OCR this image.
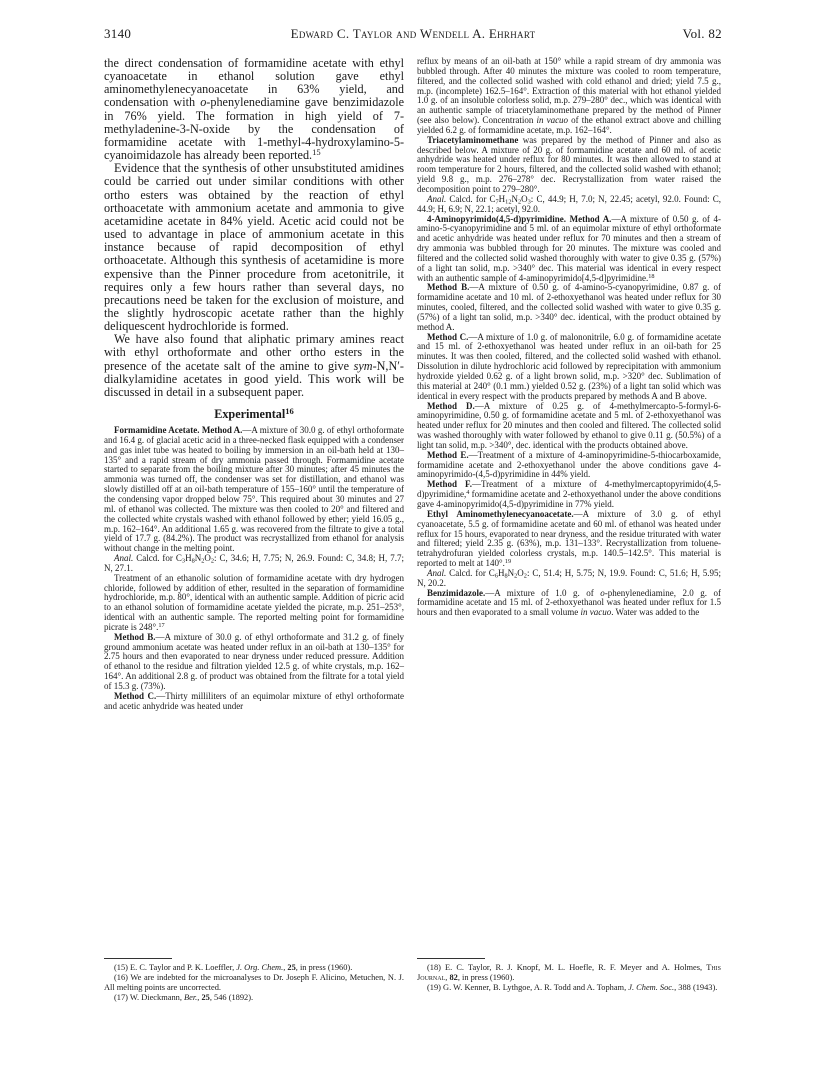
3140	Edward C. Taylor and Wendell A. Ehrhart	Vol. 82

the direct condensation of formamidine acetate with ethyl cyanoacetate in ethanol solution gave ethyl aminomethylenecyanoacetate in 63% yield, and condensation with o-phenylenediamine gave benzimidazole in 76% yield. The formation in high yield of 7-methyladenine-3-N-oxide by the condensation of formamidine acetate with 1-methyl-4-hydroxylamino-5-cyanoimidazole has already been reported.$^{15}$

Evidence that the synthesis of other unsubstituted amidines could be carried out under similar conditions with other ortho esters was obtained by the reaction of ethyl orthoacetate with ammonium acetate and ammonia to give acetamidine acetate in 84% yield. Acetic acid could not be used to advantage in place of ammonium acetate in this instance because of rapid decomposition of ethyl orthoacetate. Although this synthesis of acetamidine is more expensive than the Pinner procedure from acetonitrile, it requires only a few hours rather than several days, no precautions need be taken for the exclusion of moisture, and the slightly hydroscopic acetate rather than the highly deliquescent hydrochloride is formed.

We have also found that aliphatic primary amines react with ethyl orthoformate and other ortho esters in the presence of the acetate salt of the amine to give sym-N,N′-dialkylamidine acetates in good yield. This work will be discussed in detail in a subsequent paper.

Experimental$^{16}$

Formamidine Acetate. Method A.—A mixture of 30.0 g. of ethyl orthoformate and 16.4 g. of glacial acetic acid in a three-necked flask equipped with a condenser and gas inlet tube was heated to boiling by immersion in an oil-bath held at 130–135° and a rapid stream of dry ammonia passed through. Formamidine acetate started to separate from the boiling mixture after 30 minutes; after 45 minutes the ammonia was turned off, the condenser was set for distillation, and ethanol was slowly distilled off at an oil-bath temperature of 155–160° until the temperature of the condensing vapor dropped below 75°. This required about 30 minutes and 27 ml. of ethanol was collected. The mixture was then cooled to 20° and filtered and the collected white crystals washed with ethanol followed by ether; yield 16.05 g., m.p. 162–164°. An additional 1.65 g. was recovered from the filtrate to give a total yield of 17.7 g. (84.2%). The product was recrystallized from ethanol for analysis without change in the melting point.

Anal. Calcd. for $C_3H_8N_2O_2$: C, 34.6; H, 7.75; N, 26.9. Found: C, 34.8; H, 7.7; N, 27.1.

Treatment of an ethanolic solution of formamidine acetate with dry hydrogen chloride, followed by addition of ether, resulted in the separation of formamidine hydrochloride, m.p. 80°, identical with an authentic sample. Addition of picric acid to an ethanol solution of formamidine acetate yielded the picrate, m.p. 251–253°, identical with an authentic sample. The reported melting point for formamidine picrate is 248°.$^{17}$

Method B.—A mixture of 30.0 g. of ethyl orthoformate and 31.2 g. of finely ground ammonium acetate was heated under reflux in an oil-bath at 130–135° for 2.75 hours and then evaporated to near dryness under reduced pressure. Addition of ethanol to the residue and filtration yielded 12.5 g. of white crystals, m.p. 162–164°. An additional 2.8 g. of product was obtained from the filtrate for a total yield of 15.3 g. (73%).

Method C.—Thirty milliliters of an equimolar mixture of ethyl orthoformate and acetic anhydride was heated under

reflux by means of an oil-bath at 150° while a rapid stream of dry ammonia was bubbled through. After 40 minutes the mixture was cooled to room temperature, filtered, and the collected solid washed with cold ethanol and dried; yield 7.5 g., m.p. (incomplete) 162.5–164°. Extraction of this material with hot ethanol yielded 1.0 g. of an insoluble colorless solid, m.p. 279–280° dec., which was identical with an authentic sample of triacetylaminomethane prepared by the method of Pinner (see also below). Concentration in vacuo of the ethanol extract above and chilling yielded 6.2 g. of formamidine acetate, m.p. 162–164°.

Triacetylaminomethane was prepared by the method of Pinner and also as described below. A mixture of 20 g. of formamidine acetate and 60 ml. of acetic anhydride was heated under reflux for 80 minutes. It was then allowed to stand at room temperature for 2 hours, filtered, and the collected solid washed with ethanol; yield 9.8 g., m.p. 276–278° dec. Recrystallization from water raised the decomposition point to 279–280°.

Anal. Calcd. for $C_7H_{12}N_2O_3$: C, 44.9; H, 7.0; N, 22.45; acetyl, 92.0. Found: C, 44.9; H, 6.9; N, 22.1; acetyl, 92.0.

4-Aminopyrimido(4,5-d)pyrimidine. Method A.—A mixture of 0.50 g. of 4-amino-5-cyanopyrimidine and 5 ml. of an equimolar mixture of ethyl orthoformate and acetic anhydride was heated under reflux for 70 minutes and then a stream of dry ammonia was bubbled through for 20 minutes. The mixture was cooled and filtered and the collected solid washed thoroughly with water to give 0.35 g. (57%) of a light tan solid, m.p. >340° dec. This material was identical in every respect with an authentic sample of 4-aminopyrimido[4,5-d]pyrimidine.$^{18}$

Method B.—A mixture of 0.50 g. of 4-amino-5-cyanopyrimidine, 0.87 g. of formamidine acetate and 10 ml. of 2-ethoxyethanol was heated under reflux for 30 minutes, cooled, filtered, and the collected solid washed with water to give 0.35 g. (57%) of a light tan solid, m.p. >340° dec. identical, with the product obtained by method A.

Method C.—A mixture of 1.0 g. of malononitrile, 6.0 g. of formamidine acetate and 15 ml. of 2-ethoxyethanol was heated under reflux in an oil-bath for 25 minutes. It was then cooled, filtered, and the collected solid washed with ethanol. Dissolution in dilute hydrochloric acid followed by reprecipitation with ammonium hydroxide yielded 0.62 g. of a light brown solid, m.p. >320° dec. Sublimation of this material at 240° (0.1 mm.) yielded 0.52 g. (23%) of a light tan solid which was identical in every respect with the products prepared by methods A and B above.

Method D.—A mixture of 0.25 g. of 4-methylmercapto-5-formyl-6-aminopyrimidine, 0.50 g. of formamidine acetate and 5 ml. of 2-ethoxyethanol was heated under reflux for 20 minutes and then cooled and filtered. The collected solid was washed thoroughly with water followed by ethanol to give 0.11 g. (50.5%) of a light tan solid, m.p. >340°, dec. identical with the products obtained above.

Method E.—Treatment of a mixture of 4-aminopyrimidine-5-thiocarboxamide, formamidine acetate and 2-ethoxyethanol under the above conditions gave 4-aminopyrimido-(4,5-d)pyrimidine in 44% yield.

Method F.—Treatment of a mixture of 4-methylmercaptopyrimido(4,5-d)pyrimidine,$^4$ formamidine acetate and 2-ethoxyethanol under the above conditions gave 4-aminopyrimido(4,5-d)pyrimidine in 77% yield.

Ethyl Aminomethylenecyanoacetate.—A mixture of 3.0 g. of ethyl cyanoacetate, 5.5 g. of formamidine acetate and 60 ml. of ethanol was heated under reflux for 15 hours, evaporated to near dryness, and the residue triturated with water and filtered; yield 2.35 g. (63%), m.p. 131–133°. Recrystallization from toluene-tetrahydrofuran yielded colorless crystals, m.p. 140.5–142.5°. This material is reported to melt at 140°.$^{19}$

Anal. Calcd. for $C_6H_8N_2O_2$: C, 51.4; H, 5.75; N, 19.9. Found: C, 51.6; H, 5.95; N, 20.2.

Benzimidazole.—A mixture of 1.0 g. of o-phenylenediamine, 2.0 g. of formamidine acetate and 15 ml. of 2-ethoxyethanol was heated under reflux for 1.5 hours and then evaporated to a small volume in vacuo. Water was added to the

(15) E. C. Taylor and P. K. Loeffler, J. Org. Chem., 25, in press (1960).

(16) We are indebted for the microanalyses to Dr. Joseph F. Alicino, Metuchen, N. J. All melting points are uncorrected.

(17) W. Dieckmann, Ber., 25, 546 (1892).

(18) E. C. Taylor, R. J. Knopf, M. L. Hoefle, R. F. Meyer and A. Holmes, This Journal, 82, in press (1960).

(19) G. W. Kenner, B. Lythgoe, A. R. Todd and A. Topham, J. Chem. Soc., 388 (1943).
